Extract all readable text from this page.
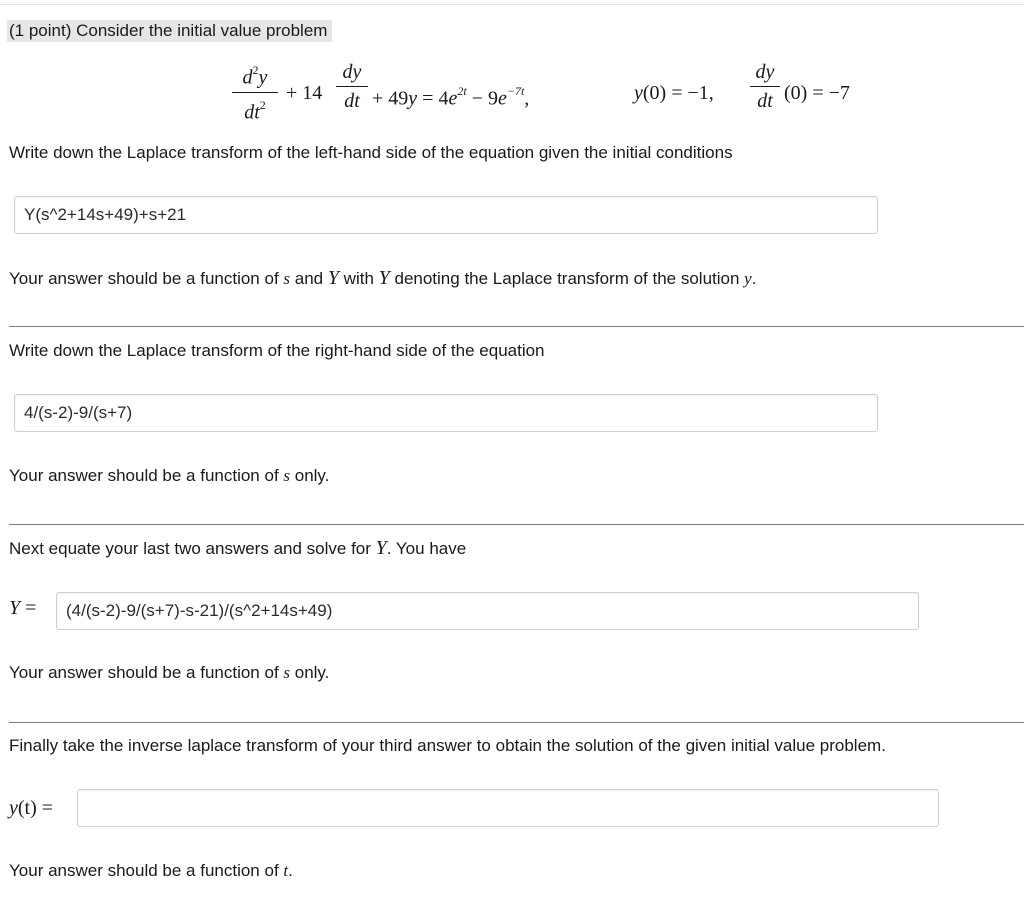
(1 point) Consider the initial value problem
$d^2y$
$dt^2$
+ 14
dy
dt + $49y = 4e^{2t} - 9e^{-7t}$,	y(0) = −1,
dy
dt (0) = −7
Write down the Laplace transform of the left-hand side of the equation given the initial conditions
Y(s^2+14s+49)+s+21
Your answer should be a function of s and Y with Y denoting the Laplace transform of the solution y.
Write down the Laplace transform of the right-hand side of the equation
4/(s-2)-9/(s+7)
Your answer should be a function of s only.
Next equate your last two answers and solve for Y. You have
Y =	(4/(s-2)-9/(s+7)-s-21)/(s^2+14s+49)
Your answer should be a function of s only.
Finally take the inverse laplace transform of your third answer to obtain the solution of the given initial value problem.
y(t) =
Your answer should be a function of t.
